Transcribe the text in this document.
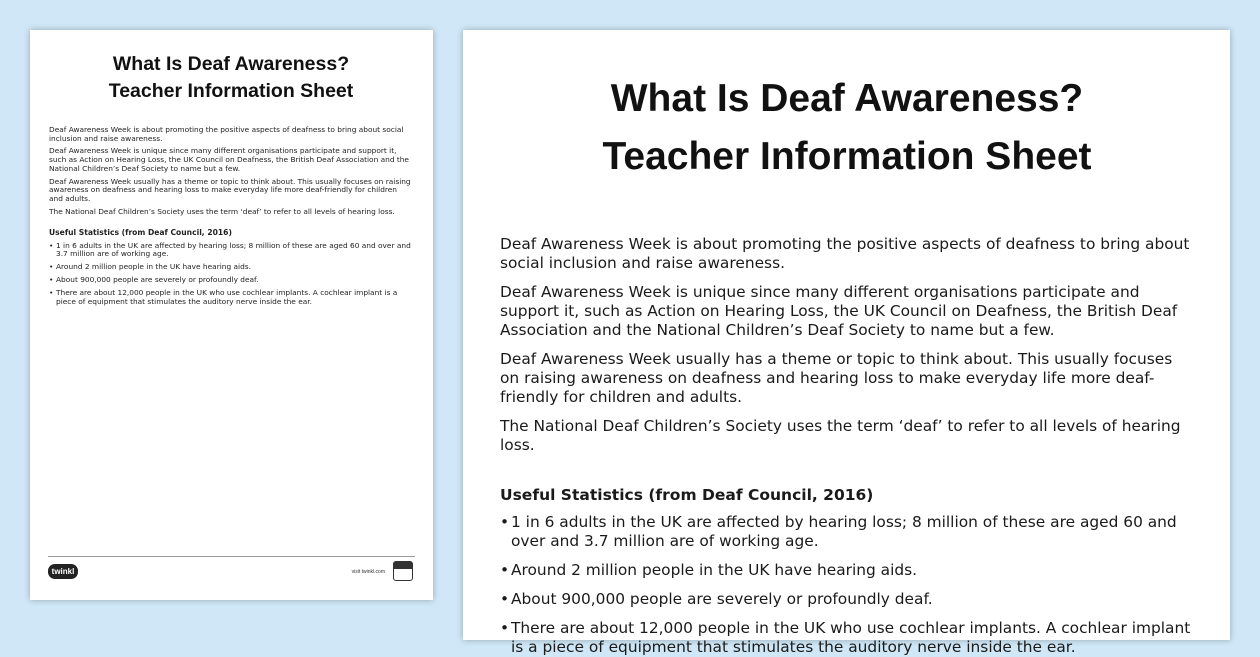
What Is Deaf Awareness?
Teacher Information Sheet

Deaf Awareness Week is about promoting the positive aspects of deafness to bring about social inclusion and raise awareness.

Deaf Awareness Week is unique since many different organisations participate and support it, such as Action on Hearing Loss, the UK Council on Deafness, the British Deaf Association and the National Children’s Deaf Society to name but a few.

Deaf Awareness Week usually has a theme or topic to think about. This usually focuses on raising awareness on deafness and hearing loss to make everyday life more deaf-friendly for children and adults.

The National Deaf Children’s Society uses the term ‘deaf’ to refer to all levels of hearing loss.

Useful Statistics (from Deaf Council, 2016)
• 1 in 6 adults in the UK are affected by hearing loss; 8 million of these are aged 60 and over and 3.7 million are of working age.
• Around 2 million people in the UK have hearing aids.
• About 900,000 people are severely or profoundly deaf.
• There are about 12,000 people in the UK who use cochlear implants. A cochlear implant is a piece of equipment that stimulates the auditory nerve inside the ear.
twinkl	visit twinkl.com
What Is Deaf Awareness?
Teacher Information Sheet

Deaf Awareness Week is about promoting the positive aspects of deafness to bring about social inclusion and raise awareness.

Deaf Awareness Week is unique since many different organisations participate and support it, such as Action on Hearing Loss, the UK Council on Deafness, the British Deaf Association and the National Children’s Deaf Society to name but a few.

Deaf Awareness Week usually has a theme or topic to think about. This usually focuses on raising awareness on deafness and hearing loss to make everyday life more deaf-friendly for children and adults.

The National Deaf Children’s Society uses the term ‘deaf’ to refer to all levels of hearing loss.

Useful Statistics (from Deaf Council, 2016)
• 1 in 6 adults in the UK are affected by hearing loss; 8 million of these are aged 60 and over and 3.7 million are of working age.
• Around 2 million people in the UK have hearing aids.
• About 900,000 people are severely or profoundly deaf.
• There are about 12,000 people in the UK who use cochlear implants. A cochlear implant is a piece of equipment that stimulates the auditory nerve inside the ear.
